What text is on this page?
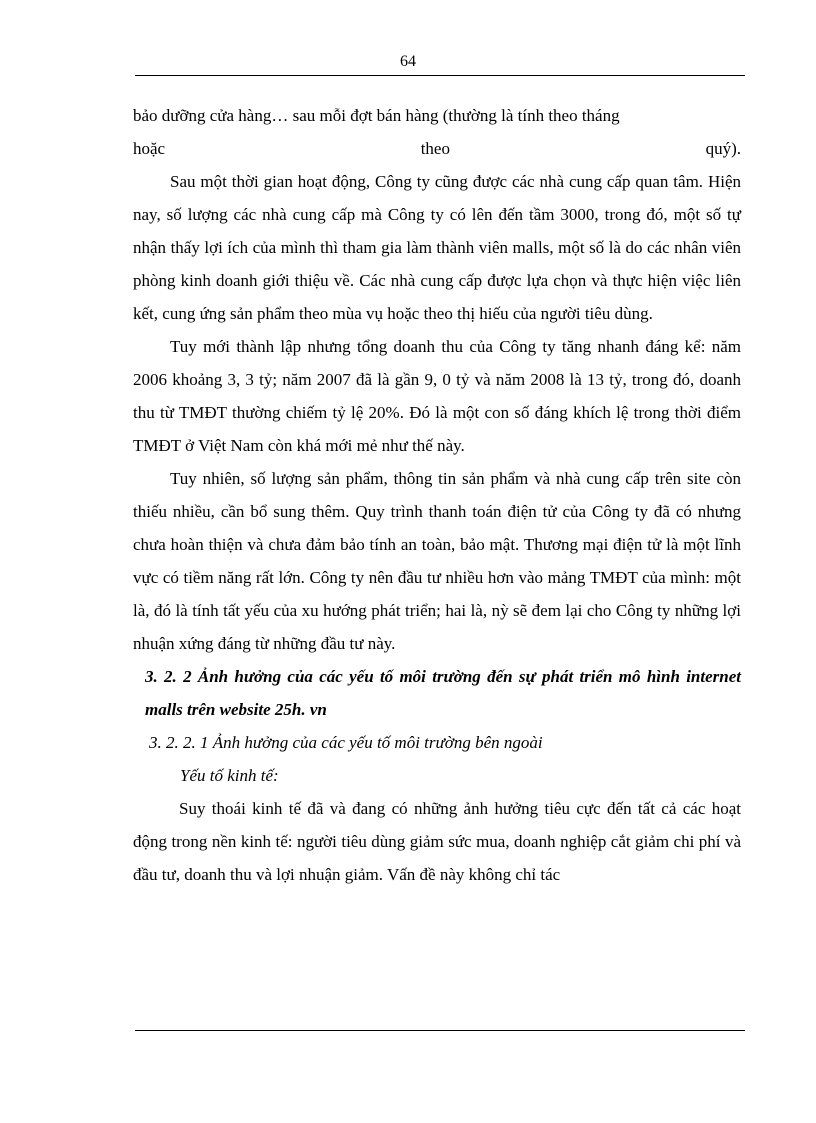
64

bảo dưỡng cửa hàng… sau mỗi đợt bán hàng (thường là tính theo tháng

hoặc theo quý).

Sau một thời gian hoạt động, Công ty cũng được các nhà cung cấp quan tâm. Hiện nay, số lượng các nhà cung cấp mà Công ty có lên đến tầm 3000, trong đó, một số tự nhận thấy lợi ích của mình thì tham gia làm thành viên malls, một số là do các nhân viên phòng kinh doanh giới thiệu về. Các nhà cung cấp được lựa chọn và thực hiện việc liên kết, cung ứng sản phẩm theo mùa vụ hoặc theo thị hiếu của người tiêu dùng.

Tuy mới thành lập nhưng tổng doanh thu của Công ty tăng nhanh đáng kể: năm 2006 khoảng 3, 3 tỷ; năm 2007 đã là gần 9, 0 tỷ và năm 2008 là 13 tỷ, trong đó, doanh thu từ TMĐT thường chiếm tỷ lệ 20%. Đó là một con số đáng khích lệ trong thời điểm TMĐT ở Việt Nam còn khá mới mẻ như thế này.

Tuy nhiên, số lượng sản phẩm, thông tin sản phẩm và nhà cung cấp trên site còn thiếu nhiều, cần bổ sung thêm. Quy trình thanh toán điện tử của Công ty đã có nhưng chưa hoàn thiện và chưa đảm bảo tính an toàn, bảo mật. Thương mại điện tử là một lĩnh vực có tiềm năng rất lớn. Công ty nên đầu tư nhiều hơn vào mảng TMĐT của mình: một là, đó là tính tất yếu của xu hướng phát triển; hai là, nỳ sẽ đem lại cho Công ty những lợi nhuận xứng đáng từ những đầu tư này.

3. 2. 2 Ảnh hưởng của các yếu tố môi trường đến sự phát triển mô hình internet malls trên website 25h. vn

3. 2. 2. 1 Ảnh hưởng của các yếu tố môi trường bên ngoài

Yếu tố kinh tế:

Suy thoái kinh tế đã và đang có những ảnh hưởng tiêu cực đến tất cả các hoạt động trong nền kinh tế: người tiêu dùng giảm sức mua, doanh nghiệp cắt giảm chi phí và đầu tư, doanh thu và lợi nhuận giảm. Vấn đề này không chỉ tác
